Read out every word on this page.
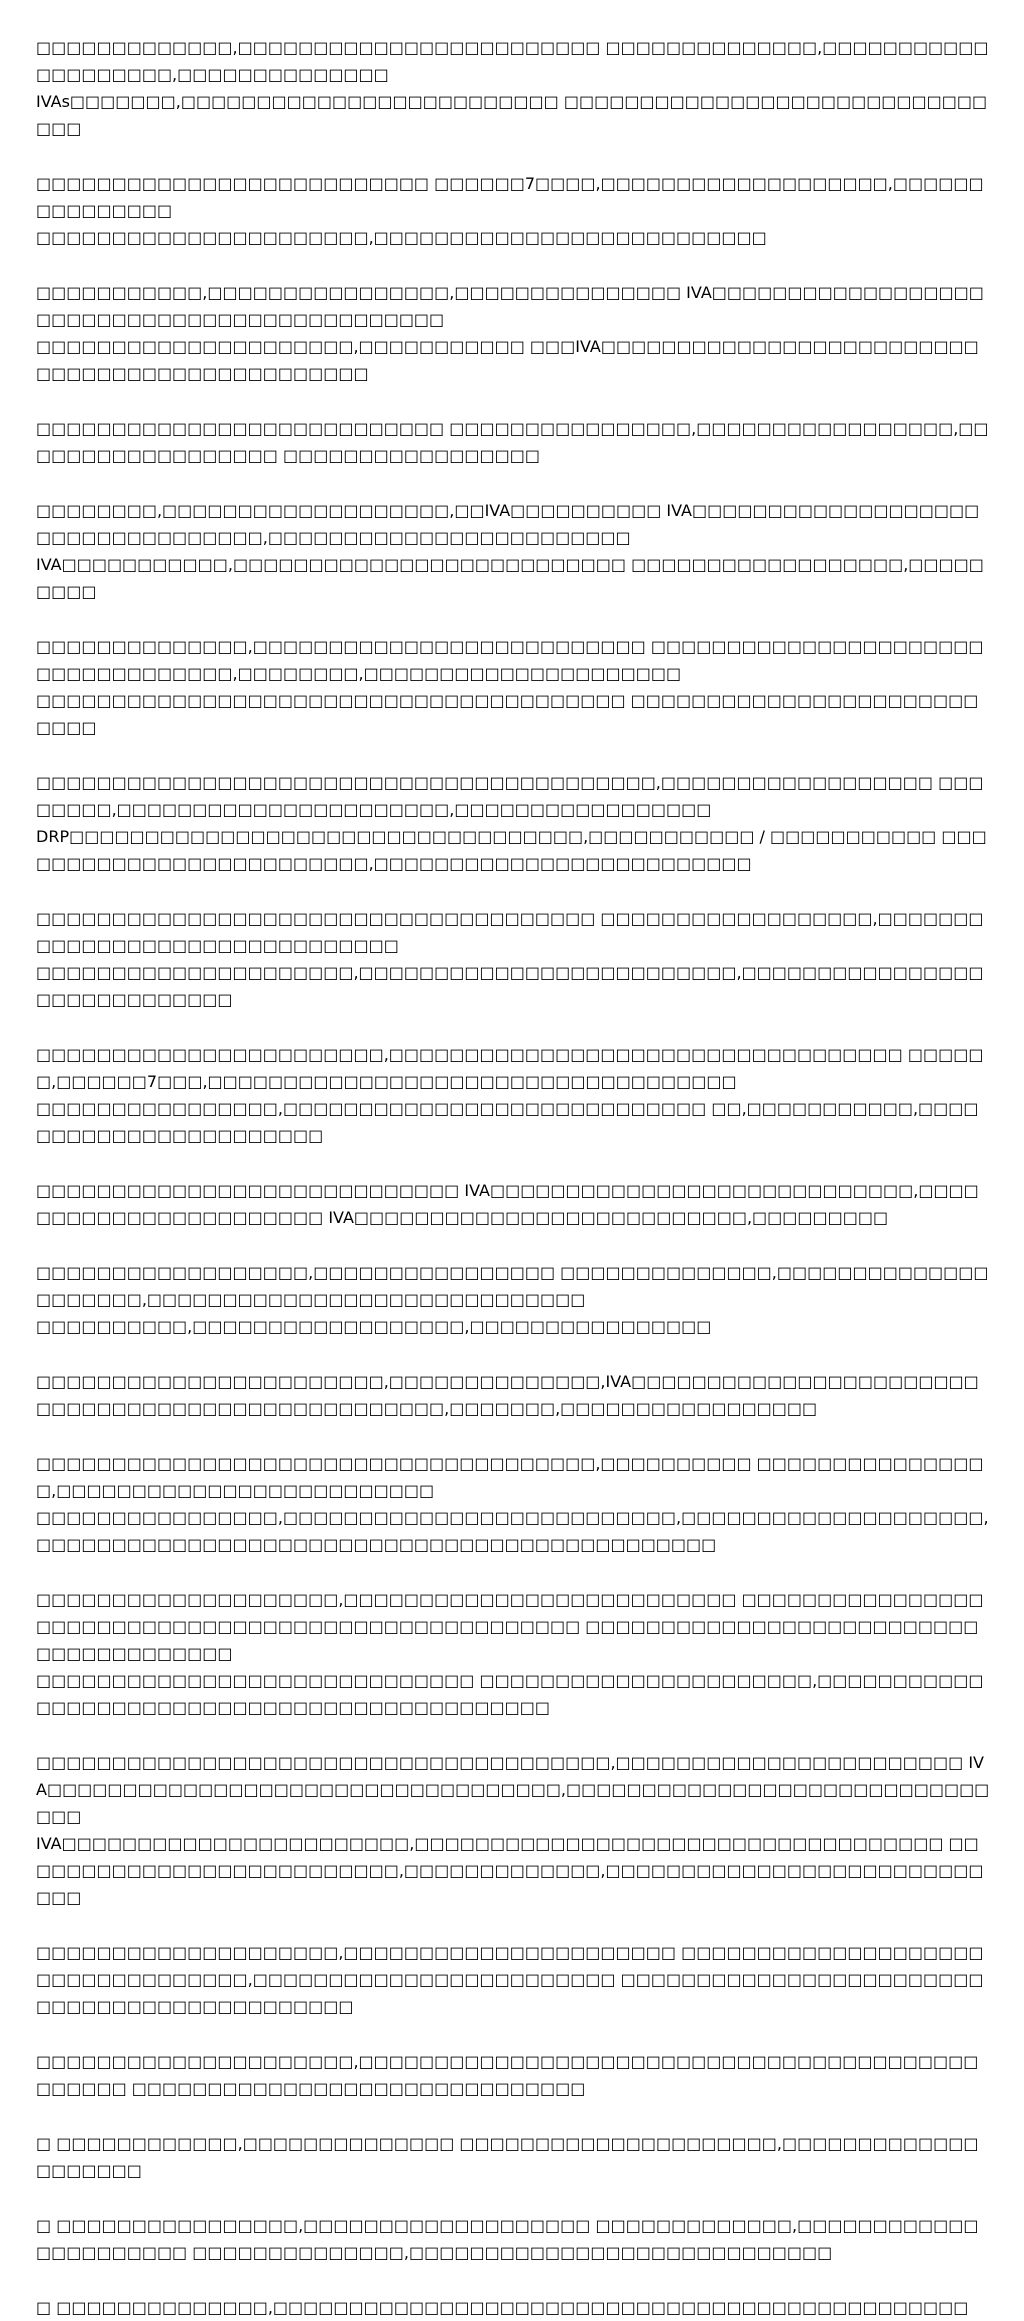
□□□□□□□□□□□□□,□□□□□□□□□□□□□□□□□□□□□□□□ □□□□□□□□□□□□□□,□□□□□□□□□□□□□□□□□□□□,□□□□□□□□□□□□□□
IVAs□□□□□□□,□□□□□□□□□□□□□□□□□□□□□□□□□ □□□□□□□□□□□□□□□□□□□□□□□□□□□□□□□

□□□□□□□□□□□□□□□□□□□□□□□□□□ □□□□□□7□□□□,□□□□□□□□□□□□□□□□□□□,□□□□□□□□□□□□□□□
□□□□□□□□□□□□□□□□□□□□□□,□□□□□□□□□□□□□□□□□□□□□□□□□□

□□□□□□□□□□□,□□□□□□□□□□□□□□□□,□□□□□□□□□□□□□□□ IVA□□□□□□□□□□□□□□□□□□□□□□□□□□□□□□□□□□□□□□□□□□□□□
□□□□□□□□□□□□□□□□□□□□□,□□□□□□□□□□□ □□□IVA□□□□□□□□□□□□□□□□□□□□□□□□□□□□□□□□□□□□□□□□□□□□□□□

□□□□□□□□□□□□□□□□□□□□□□□□□□□ □□□□□□□□□□□□□□□□,□□□□□□□□□□□□□□□□□,□□□□□□□□□□□□□□□□□□ □□□□□□□□□□□□□□□□□

□□□□□□□□,□□□□□□□□□□□□□□□□□□□,□□IVA□□□□□□□□□□ IVA□□□□□□□□□□□□□□□□□□□□□□□□□□□□□□□□□□,□□□□□□□□□□□□□□□□□□□□□□□□
IVA□□□□□□□□□□□,□□□□□□□□□□□□□□□□□□□□□□□□□□ □□□□□□□□□□□□□□□□□□,□□□□□□□□□

□□□□□□□□□□□□□□,□□□□□□□□□□□□□□□□□□□□□□□□□□ □□□□□□□□□□□□□□□□□□□□□□□□□□□□□□□□□□□,□□□□□□□□,□□□□□□□□□□□□□□□□□□□□□
□□□□□□□□□□□□□□□□□□□□□□□□□□□□□□□□□□□□□□□ □□□□□□□□□□□□□□□□□□□□□□□□□□□

□□□□□□□□□□□□□□□□□□□□□□□□□□□□□□□□□□□□□□□□□,□□□□□□□□□□□□□□□□□□ □□□□□□□□,□□□□□□□□□□□□□□□□□□□□□□,□□□□□□□□□□□□□□□□□
DRP□□□□□□□□□□□□□□□□□□□□□□□□□□□□□□□□□□,□□□□□□□□□□□ / □□□□□□□□□□□ □□□□□□□□□□□□□□□□□□□□□□□□□,□□□□□□□□□□□□□□□□□□□□□□□□□

□□□□□□□□□□□□□□□□□□□□□□□□□□□□□□□□□□□□□ □□□□□□□□□□□□□□□□□□,□□□□□□□□□□□□□□□□□□□□□□□□□□□□□□□
□□□□□□□□□□□□□□□□□□□□□,□□□□□□□□□□□□□□□□□□□□□□□□□,□□□□□□□□□□□□□□□□□□□□□□□□□□□□□

□□□□□□□□□□□□□□□□□□□□□□□,□□□□□□□□□□□□□□□□□□□□□□□□□□□□□□□□□□ □□□□□□,□□□□□□7□□□,□□□□□□□□□□□□□□□□□□□□□□□□□□□□□□□□□□□
□□□□□□□□□□□□□□□□,□□□□□□□□□□□□□□□□□□□□□□□□□□□□ □□,□□□□□□□□□□□,□□□□□□□□□□□□□□□□□□□□□□□

□□□□□□□□□□□□□□□□□□□□□□□□□□□□ IVA□□□□□□□□□□□□□□□□□□□□□□□□□□□□,□□□□□□□□□□□□□□□□□□□□□□□ IVA□□□□□□□□□□□□□□□□□□□□□□□□□□,□□□□□□□□□

□□□□□□□□□□□□□□□□□□,□□□□□□□□□□□□□□□□ □□□□□□□□□□□□□□,□□□□□□□□□□□□□□□□□□□□□,□□□□□□□□□□□□□□□□□□□□□□□□□□□□□
□□□□□□□□□□,□□□□□□□□□□□□□□□□□□,□□□□□□□□□□□□□□□□

□□□□□□□□□□□□□□□□□□□□□□□,□□□□□□□□□□□□□□,IVA□□□□□□□□□□□□□□□□□□□□□□□ □□□□□□□□□□□□□□□□□□□□□□□□□□□,□□□□□□□,□□□□□□□□□□□□□□□□□

□□□□□□□□□□□□□□□□□□□□□□□□□□□□□□□□□□□□□,□□□□□□□□□□ □□□□□□□□□□□□□□□□,□□□□□□□□□□□□□□□□□□□□□□□□□
□□□□□□□□□□□□□□□□,□□□□□□□□□□□□□□□□□□□□□□□□□□,□□□□□□□□□□□□□□□□□□□□,□□□□□□□□□□□□□□□□□□□□□□□□□□□□□□□□□□□□□□□□□□□□□

□□□□□□□□□□□□□□□□□□□□,□□□□□□□□□□□□□□□□□□□□□□□□□□ □□□□□□□□□□□□□□□□□□□□□□□□□□□□□□□□□□□□□□□□□□□□□□□□□□□□ □□□□□□□□□□□□□□□□□□□□□□□□□□□□□□□□□□□□□□□
□□□□□□□□□□□□□□□□□□□□□□□□□□□□□ □□□□□□□□□□□□□□□□□□□□□□,□□□□□□□□□□□□□□□□□□□□□□□□□□□□□□□□□□□□□□□□□□□□□

□□□□□□□□□□□□□□□□□□□□□□□□□□□□□□□□□□□□□□,□□□□□□□□□□□□□□□□□□□□□□□ IVA□□□□□□□□□□□□□□□□□□□□□□□□□□□□□□□□□□,□□□□□□□□□□□□□□□□□□□□□□□□□□□□□□□
IVA□□□□□□□□□□□□□□□□□□□□□□□,□□□□□□□□□□□□□□□□□□□□□□□□□□□□□□□□□□□ □□□□□□□□□□□□□□□□□□□□□□□□□□,□□□□□□□□□□□□□,□□□□□□□□□□□□□□□□□□□□□□□□□□□□

□□□□□□□□□□□□□□□□□□□□,□□□□□□□□□□□□□□□□□□□□□□ □□□□□□□□□□□□□□□□□□□□□□□□□□□□□□□□□□,□□□□□□□□□□□□□□□□□□□□□□□□ □□□□□□□□□□□□□□□□□□□□□□□□□□□□□□□□□□□□□□□□□□□□□

□□□□□□□□□□□□□□□□□□□□□,□□□□□□□□□□□□□□□□□□□□□□□□□□□□□□□□□□□□□□□□□□□□□□□ □□□□□□□□□□□□□□□□□□□□□□□□□□□□□□

□ □□□□□□□□□□□□,□□□□□□□□□□□□□□ □□□□□□□□□□□□□□□□□□□□□,□□□□□□□□□□□□□□□□□□□□

□ □□□□□□□□□□□□□□□□,□□□□□□□□□□□□□□□□□□□ □□□□□□□□□□□□□,□□□□□□□□□□□□□□□□□□□□□□ □□□□□□□□□□□□□□,□□□□□□□□□□□□□□□□□□□□□□□□□□□□

□ □□□□□□□□□□□□□□,□□□□□□□□□□□□□□□□□□□□□□□□□□□□□□□□□□□□□□□□□□□□□□
